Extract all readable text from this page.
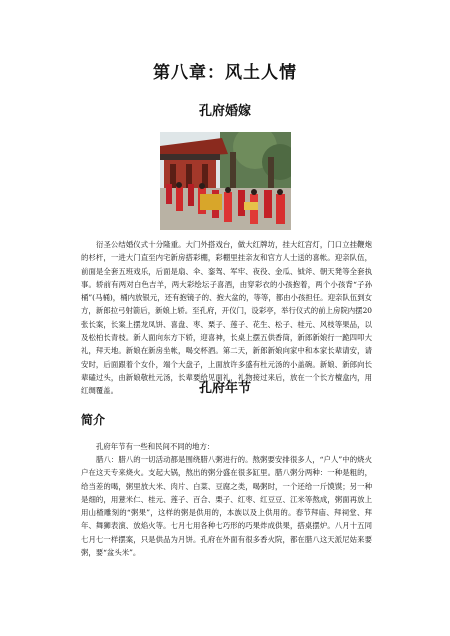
第八章：风土人情
孔府婚嫁

衍圣公结婚仪式十分隆重。大门外搭戏台，做大红牌坊，挂大红宫灯，门口立挂鞭炮的杉杆，一进大门直至内宅新房搭彩棚，彩棚里挂亲友和官方人士送的喜帐。迎亲队伍，前面是全套五班戏乐，后面是扇、伞、銮驾、军牢、夜役、金瓜、钺斧、朝天凳等全套执事。轿前有两对白色吉羊，两大彩绘坛子喜酒，由穿彩衣的小孩抱着，两个小孩背“子孙桶”(马桶)，桶内放银元，还有抱镜子的、抱大盆的，等等，都由小孩担任。迎亲队伍到女方，新郎拉弓射箭后，新娘上轿。至孔府，开仪门，设彩亭，举行仪式的前上房院内摆20张长案，长案上摆龙凤饼、喜盘、枣、栗子、莲子、花生、松子、桂元、风枝等果品，以及松柏长青枝。新人面向东方下轿，迎喜神，长桌上摆五供香筒，新郎新娘行一跪四叩大礼，拜天地。新娘在新房坐帐，喝交杯酒。第二天，新郎新娘向家中和本家长辈请安，请安时，后面跟着个女仆，端个大盘子，上面放许多盛有杜元汤的小盖碗。新娘、新郎向长辈磕过头，由新娘敬杜元汤，长辈要给见面礼，礼物接过来后，放在一个长方檀盒内，用红绸覆盖。	孔府年节
简介

孔府年节有一些和民间不同的地方：

腊八：腊八的一切活动都是围绕腊八粥进行的。熬粥要安排很多人，“户人”中的烧火户在这天专来烧火。支起大锅，熬出的粥分盛在很多缸里。腊八粥分两种：一种是粗的，给当差的喝，粥里放大米、肉片、白菜、豆腐之类，喝粥时，一个还给一斤馍馍；另一种是细的，用薏米仁、桂元、莲子、百合、栗子、红枣、红豆豆、江米等熬成，粥面再放上用山楂雕刻的“粥果”，这样的粥是供用的，本族以及上供用的。春节拜庙、拜祠堂、拜年、舞狮表演、放焰火等。七月七用各种七巧形的巧果炸成供果，搭桌摆炉。八月十五同七月七一样摆案，只是供品为月饼。孔府在外面有很多香火院，都在腊八这天派尼姑来要粥，要“盆头米”。
